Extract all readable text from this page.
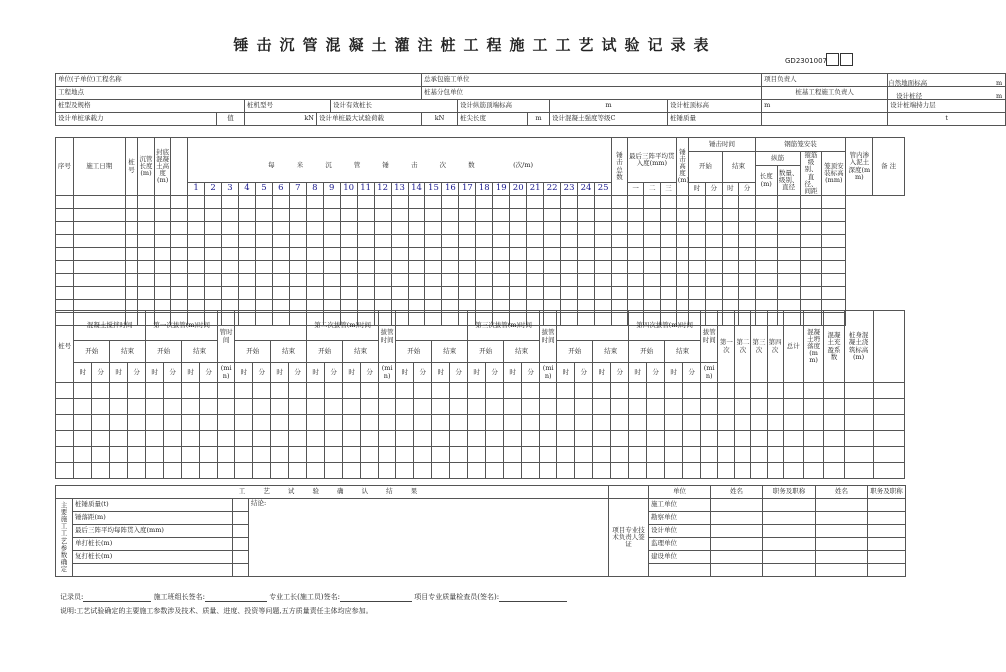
锤击沉管混凝土灌注桩工程施工工艺试验记录表
GD2301007
单位(子单位)工程名称					总承包施工单位					项目负责人	自然地面标高 m

工程地点					桩基分包单位					桩基工程施工负责人	设计桩径 m

桩型及规格		桩机型号		设计有效桩长		设计纵筋顶端标高		m	设计桩顶标高	m	设计桩端持力层
设计单桩承载力	值	kN	设计单桩最大试验荷载		kN	桩尖长度	m	设计混凝土强度等级C	桩锤质量		t
序号	施工日期	桩号	沉管长度(m)	封底混凝土高度(m)		每 米 沉 管 锤 击 次 数 (次/m)																									锤击总数	最后三阵平均贯入度(mm)			锤击高度(m)	锤击时间				钢筋笼安装				管内渗入泥土深度(mm)	备 注
																																				开始		结束		纵筋		箍筋级别、直径、间距	笼顶安装标高(mm)		
																																								长度(m)	数量、级别、直径				
						1	2	3	4	5	6	7	8	9	10	11	12	13	14	15	16	17	18	19	20	21	22	23	24	25		一	二	三		时	分	时	分						

桩号	混凝土搅拌时间				第一次拔管(m)时间				管时间					第二次拔管(m)时间				拔管时间					第三次拔管(m)时间				拔管时间					第四次拔管(m)时间				拔管时间	第一次	第二次	第三次	第四次	总计	混凝土坍落度(mm)	混凝土充盈系数	桩身混凝土浇筑标高(m)	
	开始		结束		开始		结束			开始		结束		开始		结束			开始		结束		开始		结束			开始		结束		开始		结束											
	时	分	时	分	时	分	时	分	(min)	时	分	时	分	时	分	时	分	(min)	时	分	时	分	时	分	时	分	(min)	时	分	时	分	时	分	时	分	(min)									

工 艺 试 验 确 认 结 果					单位	姓名	职务及职称	姓名	职务及职称
主要施工工艺参数确定	桩锤质量(t)		结论:	项目专业技术负责人签证	施工单位				
	锤落距(m)				勘察单位				
	最后三阵平均每阵贯入度(mm)				设计单位				
	单打桩长(m)				监理单位				
	复打桩长(m)				建设单位				

记录员:	施工班组长签名:	专业工长(施工员)签名:	项目专业质量检查员(签名):
说明:工艺试验确定的主要施工参数涉及技术、质量、进度、投资等问题,五方质量责任主体均应参加。
